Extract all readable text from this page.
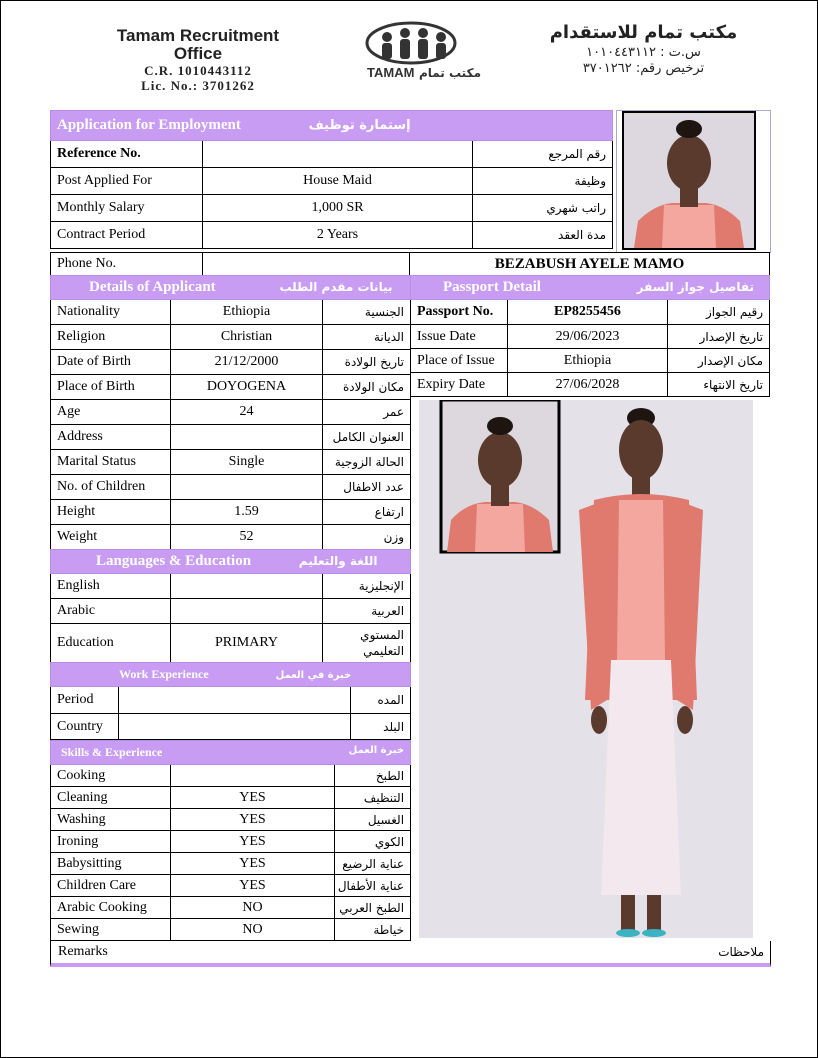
Tamam Recruitment Office
C.R. 1010443112
Lic. No.: 3701262
TAMAM مكتب تمام
مكتب تمام للاستقدام
س.ت : ١٠١٠٤٤٣١١٢
ترخيص رقم: ٣٧٠١٢٦٢
Application for Employment إستمارة توظيف		
Reference No.		رقم المرجع
Post Applied For	House Maid	وظيفة
Monthly Salary	1,000 SR	راتب شهري
Contract Period	2 Years	مدة العقد
Phone No.		BEZABUSH AYELE MAMO
Details of Applicant بيانات مقدم الطلب		
Nationality	Ethiopia	الجنسية
Religion	Christian	الديانة
Date of Birth	21/12/2000	تاريخ الولادة
Place of Birth	DOYOGENA	مكان الولادة
Age	24	عمر
Address		العنوان الكامل
Marital Status	Single	الحالة الزوجية
No. of Children		عدد الاطفال
Height	1.59	ارتفاع
Weight	52	وزن
Passport Detail تفاصيل جواز السفر		
Passport No.	EP8255456	رقيم الجواز
Issue Date	29/06/2023	تاريخ الإصدار
Place of Issue	Ethiopia	مكان الإصدار
Expiry Date	27/06/2028	تاريخ الانتهاء
Languages & Education اللغة والتعليم		
English		الإنجليزية
Arabic		العربية
Education	PRIMARY	المستوي التعليمي
Work Experience خبرة في العمل		
Period		المده
Country		البلد
Skills & Experience خبرة العمل		

Cooking		الطبخ
Cleaning	YES	التنظيف
Washing	YES	الغسيل
Ironing	YES	الكوي
Babysitting	YES	عناية الرضيع
Children Care	YES	عناية الأطفال
Arabic Cooking	NO	الطبخ العربي
Sewing	NO	خياطة
Remarks	ملاحظات
